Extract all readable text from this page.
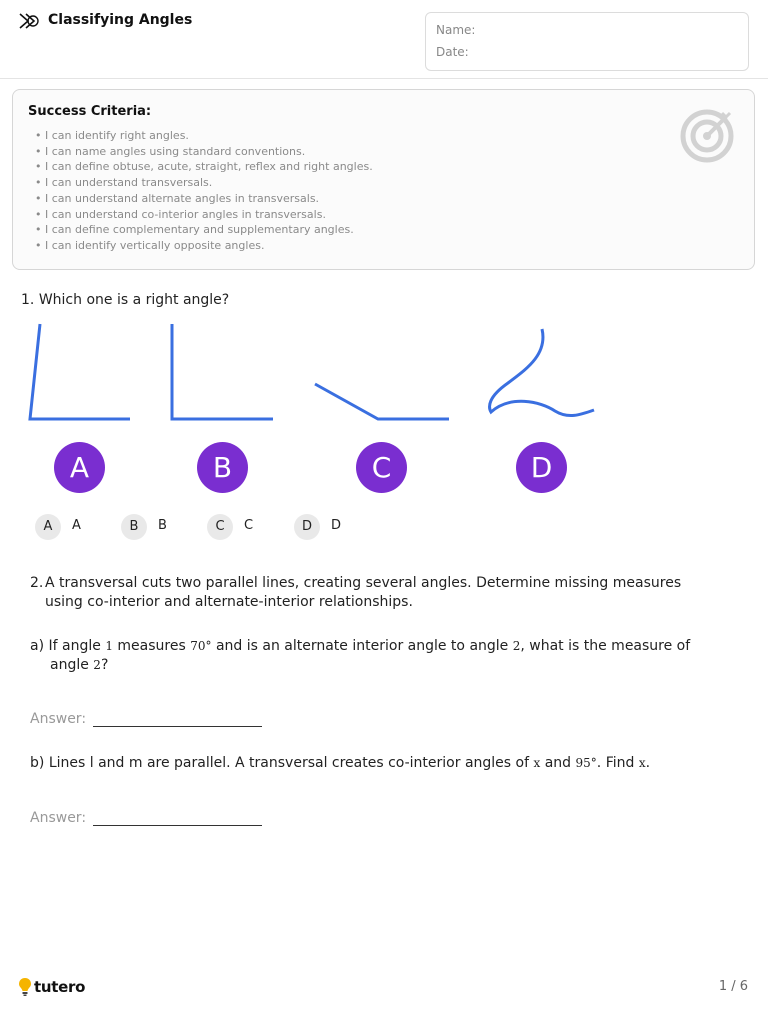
Classifying Angles
Name:
Date:
Success Criteria:
• I can identify right angles.
• I can name angles using standard conventions.
• I can define obtuse, acute, straight, reflex and right angles.
• I can understand transversals.
• I can understand alternate angles in transversals.
• I can understand co-interior angles in transversals.
• I can define complementary and supplementary angles.
• I can identify vertically opposite angles.
1. Which one is a right angle?
A	B	C	D
A	A	B	B	C	C	D	D
2. A transversal cuts two parallel lines, creating several angles. Determine missing measures
using co-interior and alternate-interior relationships.
a) If angle 1 measures 70° and is an alternate interior angle to angle 2, what is the measure of
angle 2?
Answer:
b) Lines l and m are parallel. A transversal creates co-interior angles of x and 95°. Find x.
Answer:
tutero	1 / 6
